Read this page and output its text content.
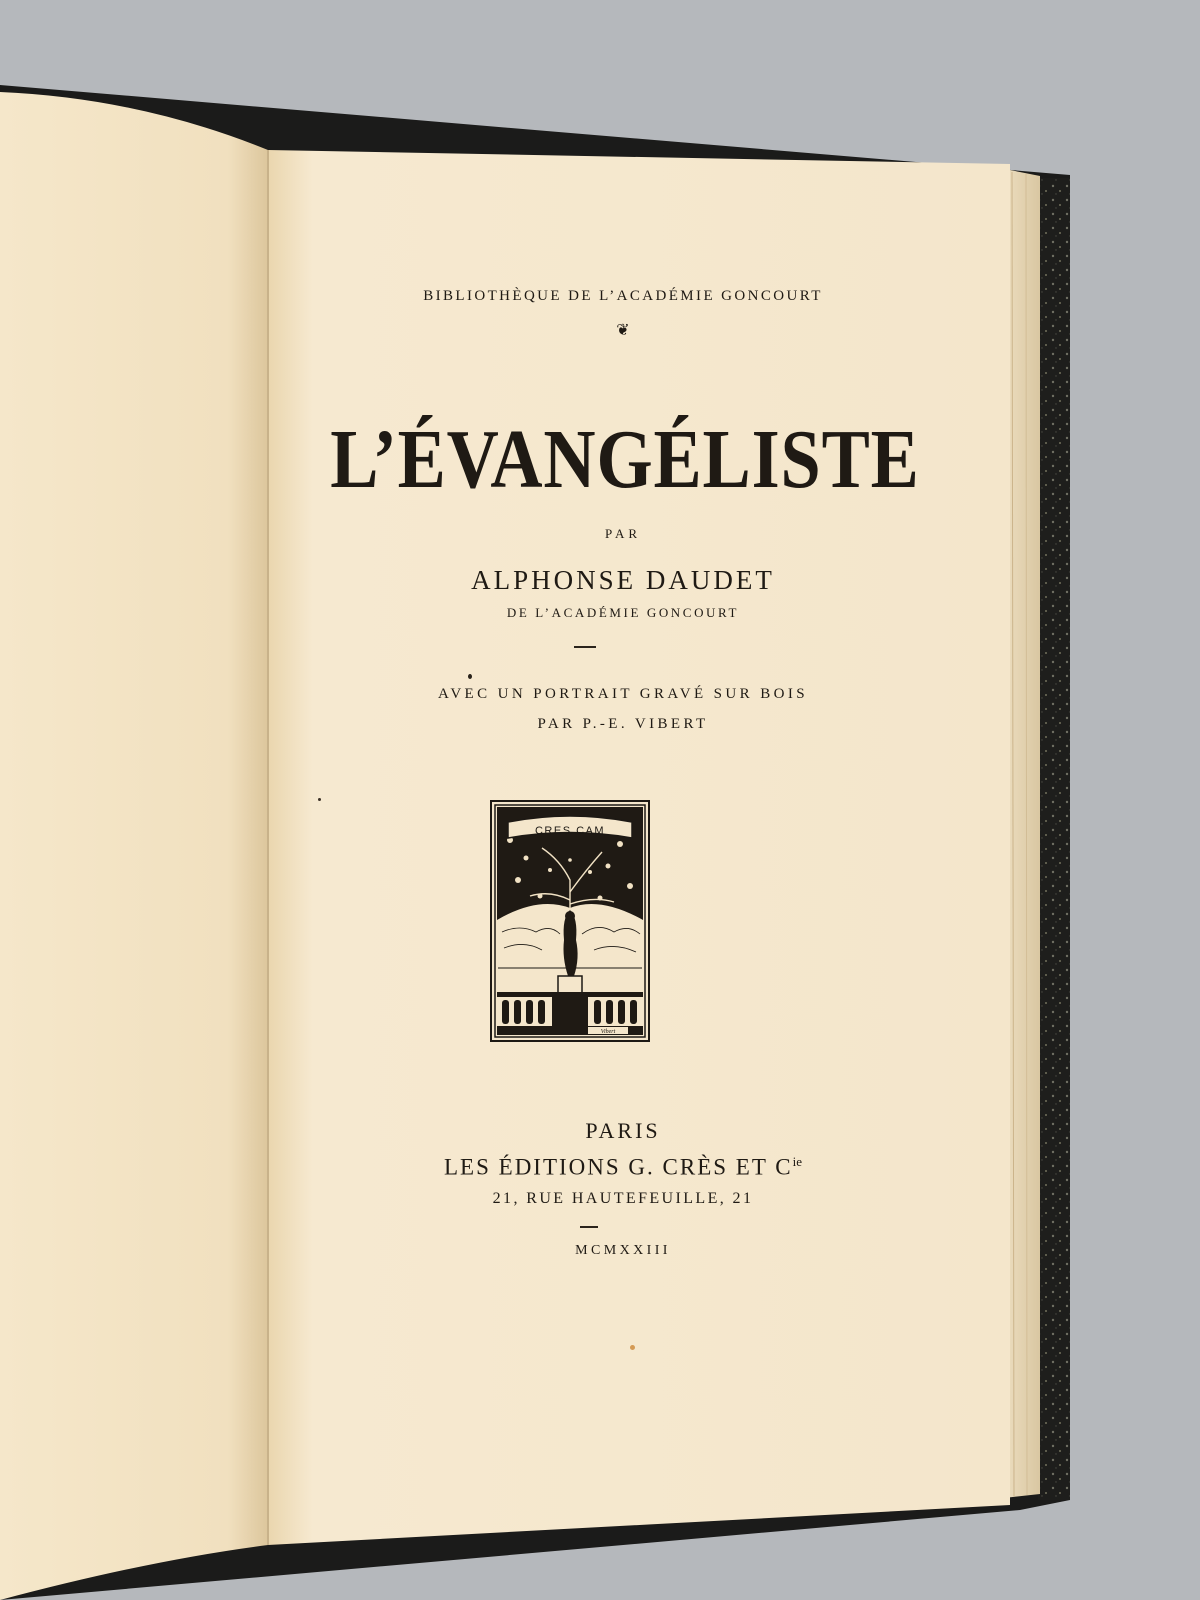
BIBLIOTHÈQUE DE L’ACADÉMIE GONCOURT
❦
L’ÉVANGÉLISTE
PAR
ALPHONSE DAUDET
DE L’ACADÉMIE GONCOURT
AVEC UN PORTRAIT GRAVÉ SUR BOIS
PAR P.-E. VIBERT
CRES CAM
Vibert
PARIS
LES ÉDITIONS G. CRÈS ET $C^{ie}$
21, RUE HAUTEFEUILLE, 21
MCMXXIII
